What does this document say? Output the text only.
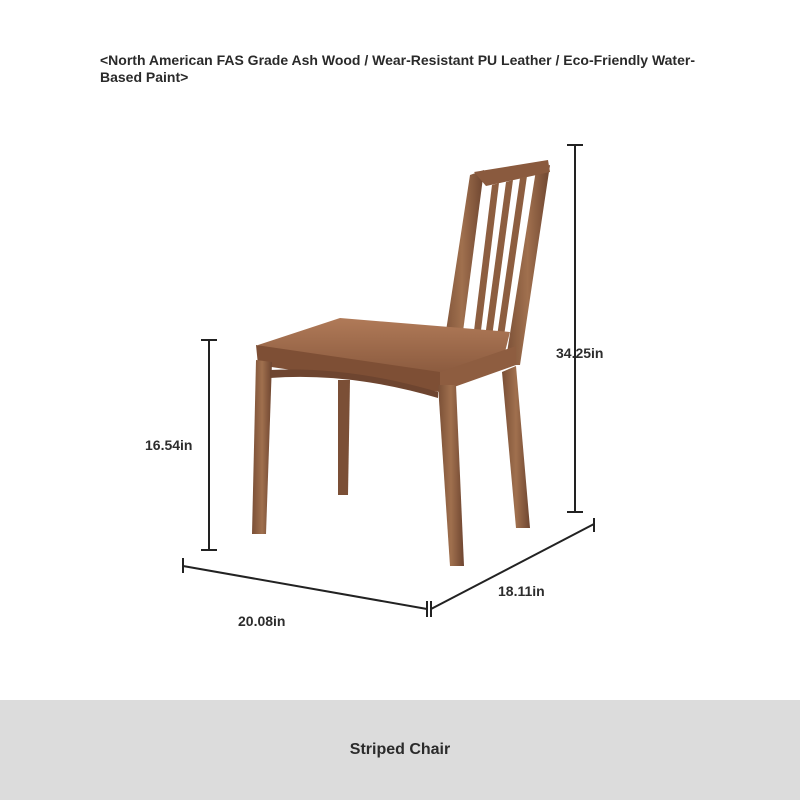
<North American FAS Grade Ash Wood / Wear-Resistant PU Leather / Eco-Friendly Water-Based Paint>
34.25in
16.54in
20.08in
18.11in
Striped Chair
